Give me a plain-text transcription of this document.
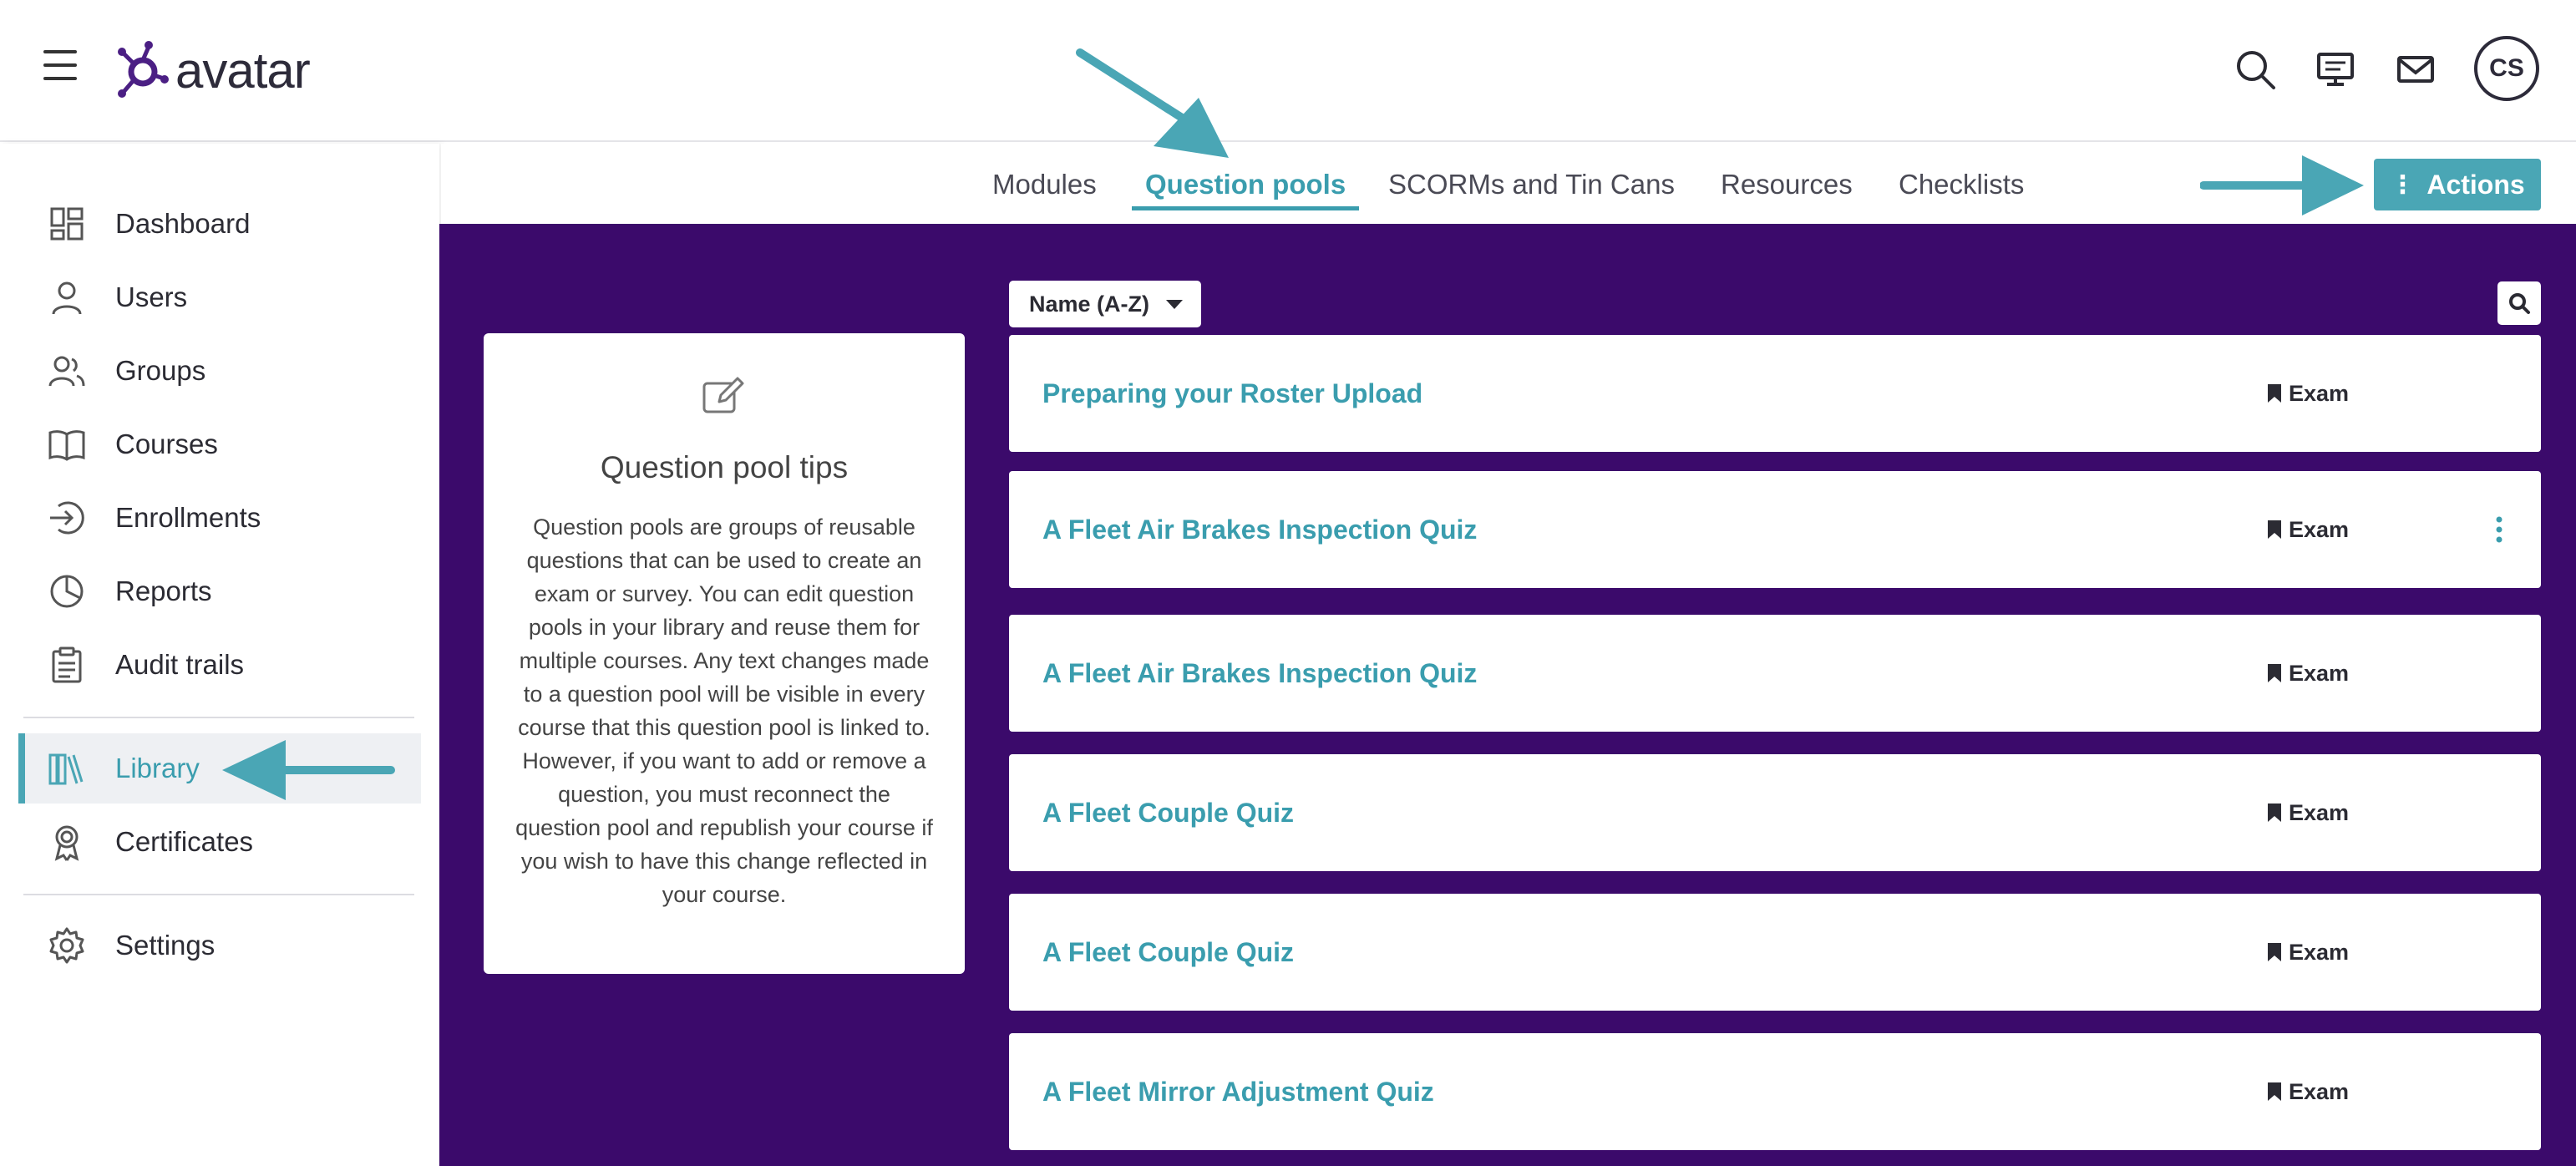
avatar	CS
Dashboard
Users
Groups
Courses
Enrollments
Reports
Audit trails
Library
Certificates
Settings
Modules Question pools SCORMs and Tin Cans Resources Checklists	⋮ Actions
Question pool tips
Question pools are groups of reusable questions that can be used to create an exam or survey. You can edit question pools in your library and reuse them for multiple courses. Any text changes made to a question pool will be visible in every course that this question pool is linked to. However, if you want to add or remove a question, you must reconnect the question pool and republish your course if you wish to have this change reflected in your course.
Name (A-Z)
Preparing your Roster Upload	Exam
A Fleet Air Brakes Inspection Quiz	Exam
A Fleet Air Brakes Inspection Quiz	Exam
A Fleet Couple Quiz	Exam
A Fleet Couple Quiz	Exam
A Fleet Mirror Adjustment Quiz	Exam
